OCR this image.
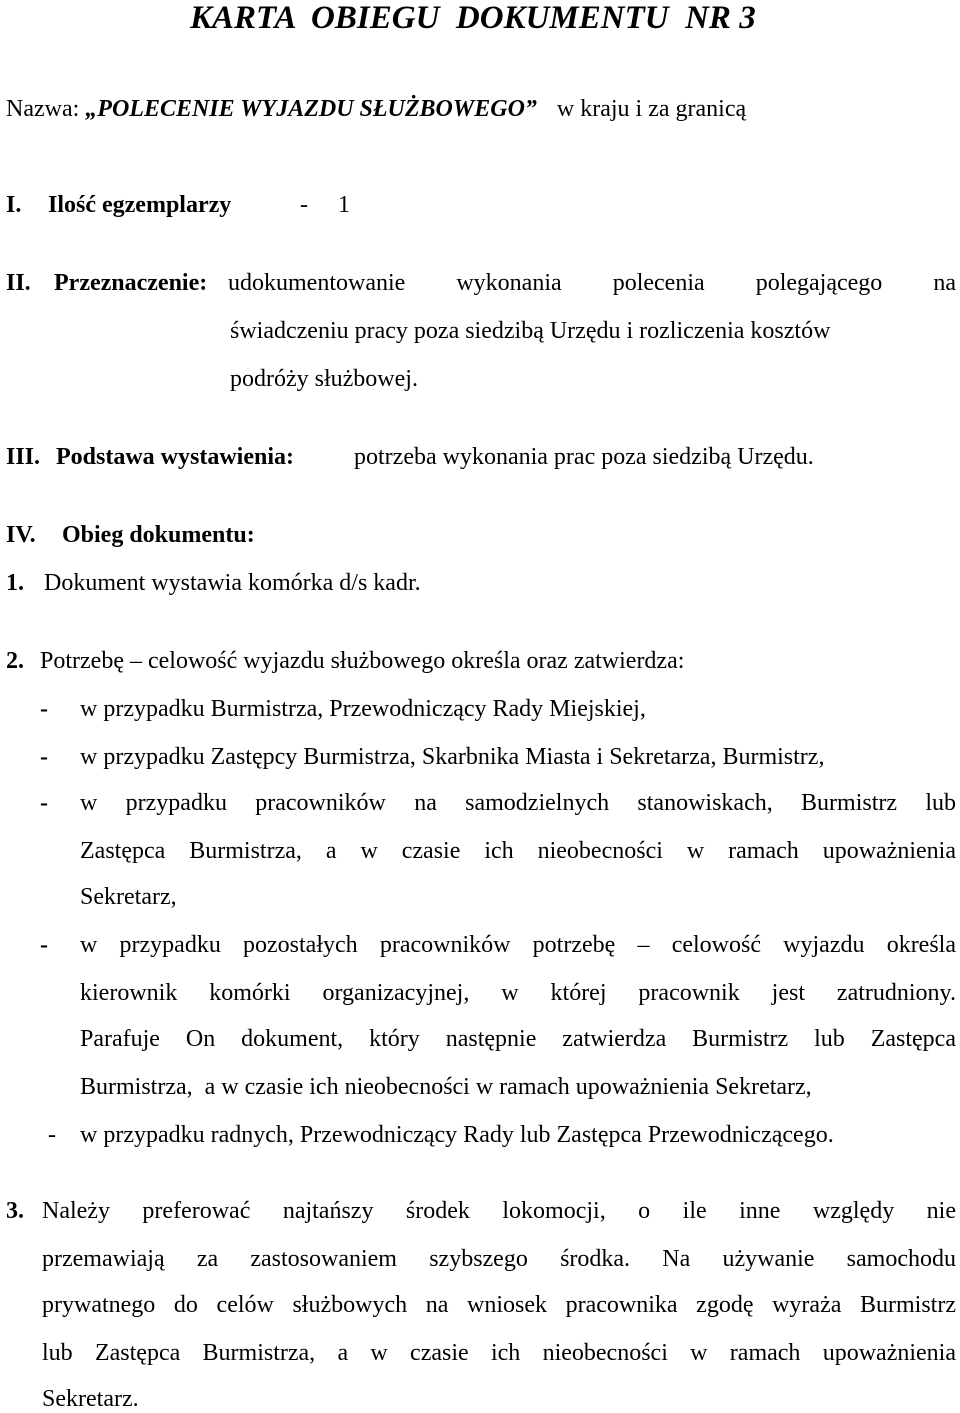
KARTA  OBIEGU  DOKUMENTU  NR 3
Nazwa: „POLECENIE WYJAZDU SŁUŻBOWEGO” w kraju i za granicą
I. Ilość egzemplarzy	- 1
II. Przeznaczenie: udokumentowanie wykonania polecenia polegającego na
świadczeniu pracy poza siedzibą Urzędu i rozliczenia kosztów
podróży służbowej.
III. Podstawa wystawienia:	potrzeba wykonania prac poza siedzibą Urzędu.
IV. Obieg dokumentu:
1. Dokument wystawia komórka d/s kadr.
2. Potrzebę – celowość wyjazdu służbowego określa oraz zatwierdza:
- w przypadku Burmistrza, Przewodniczący Rady Miejskiej,
- w przypadku Zastępcy Burmistrza, Skarbnika Miasta i Sekretarza, Burmistrz,
- w przypadku pracowników na samodzielnych stanowiskach, Burmistrz lub
Zastępca Burmistrza, a w czasie ich nieobecności w ramach upoważnienia
Sekretarz,
- w przypadku pozostałych pracowników potrzebę – celowość wyjazdu określa
kierownik komórki organizacyjnej, w której pracownik jest zatrudniony.
Parafuje On dokument, który następnie zatwierdza Burmistrz lub Zastępca
Burmistrza,  a w czasie ich nieobecności w ramach upoważnienia Sekretarz,
- w przypadku radnych, Przewodniczący Rady lub Zastępca Przewodniczącego.
3. Należy preferować najtańszy środek lokomocji, o ile inne względy nie
przemawiają za zastosowaniem szybszego środka. Na używanie samochodu
prywatnego do celów służbowych na wniosek pracownika zgodę wyraża Burmistrz
lub Zastępca Burmistrza, a w czasie ich nieobecności w ramach upoważnienia
Sekretarz.
